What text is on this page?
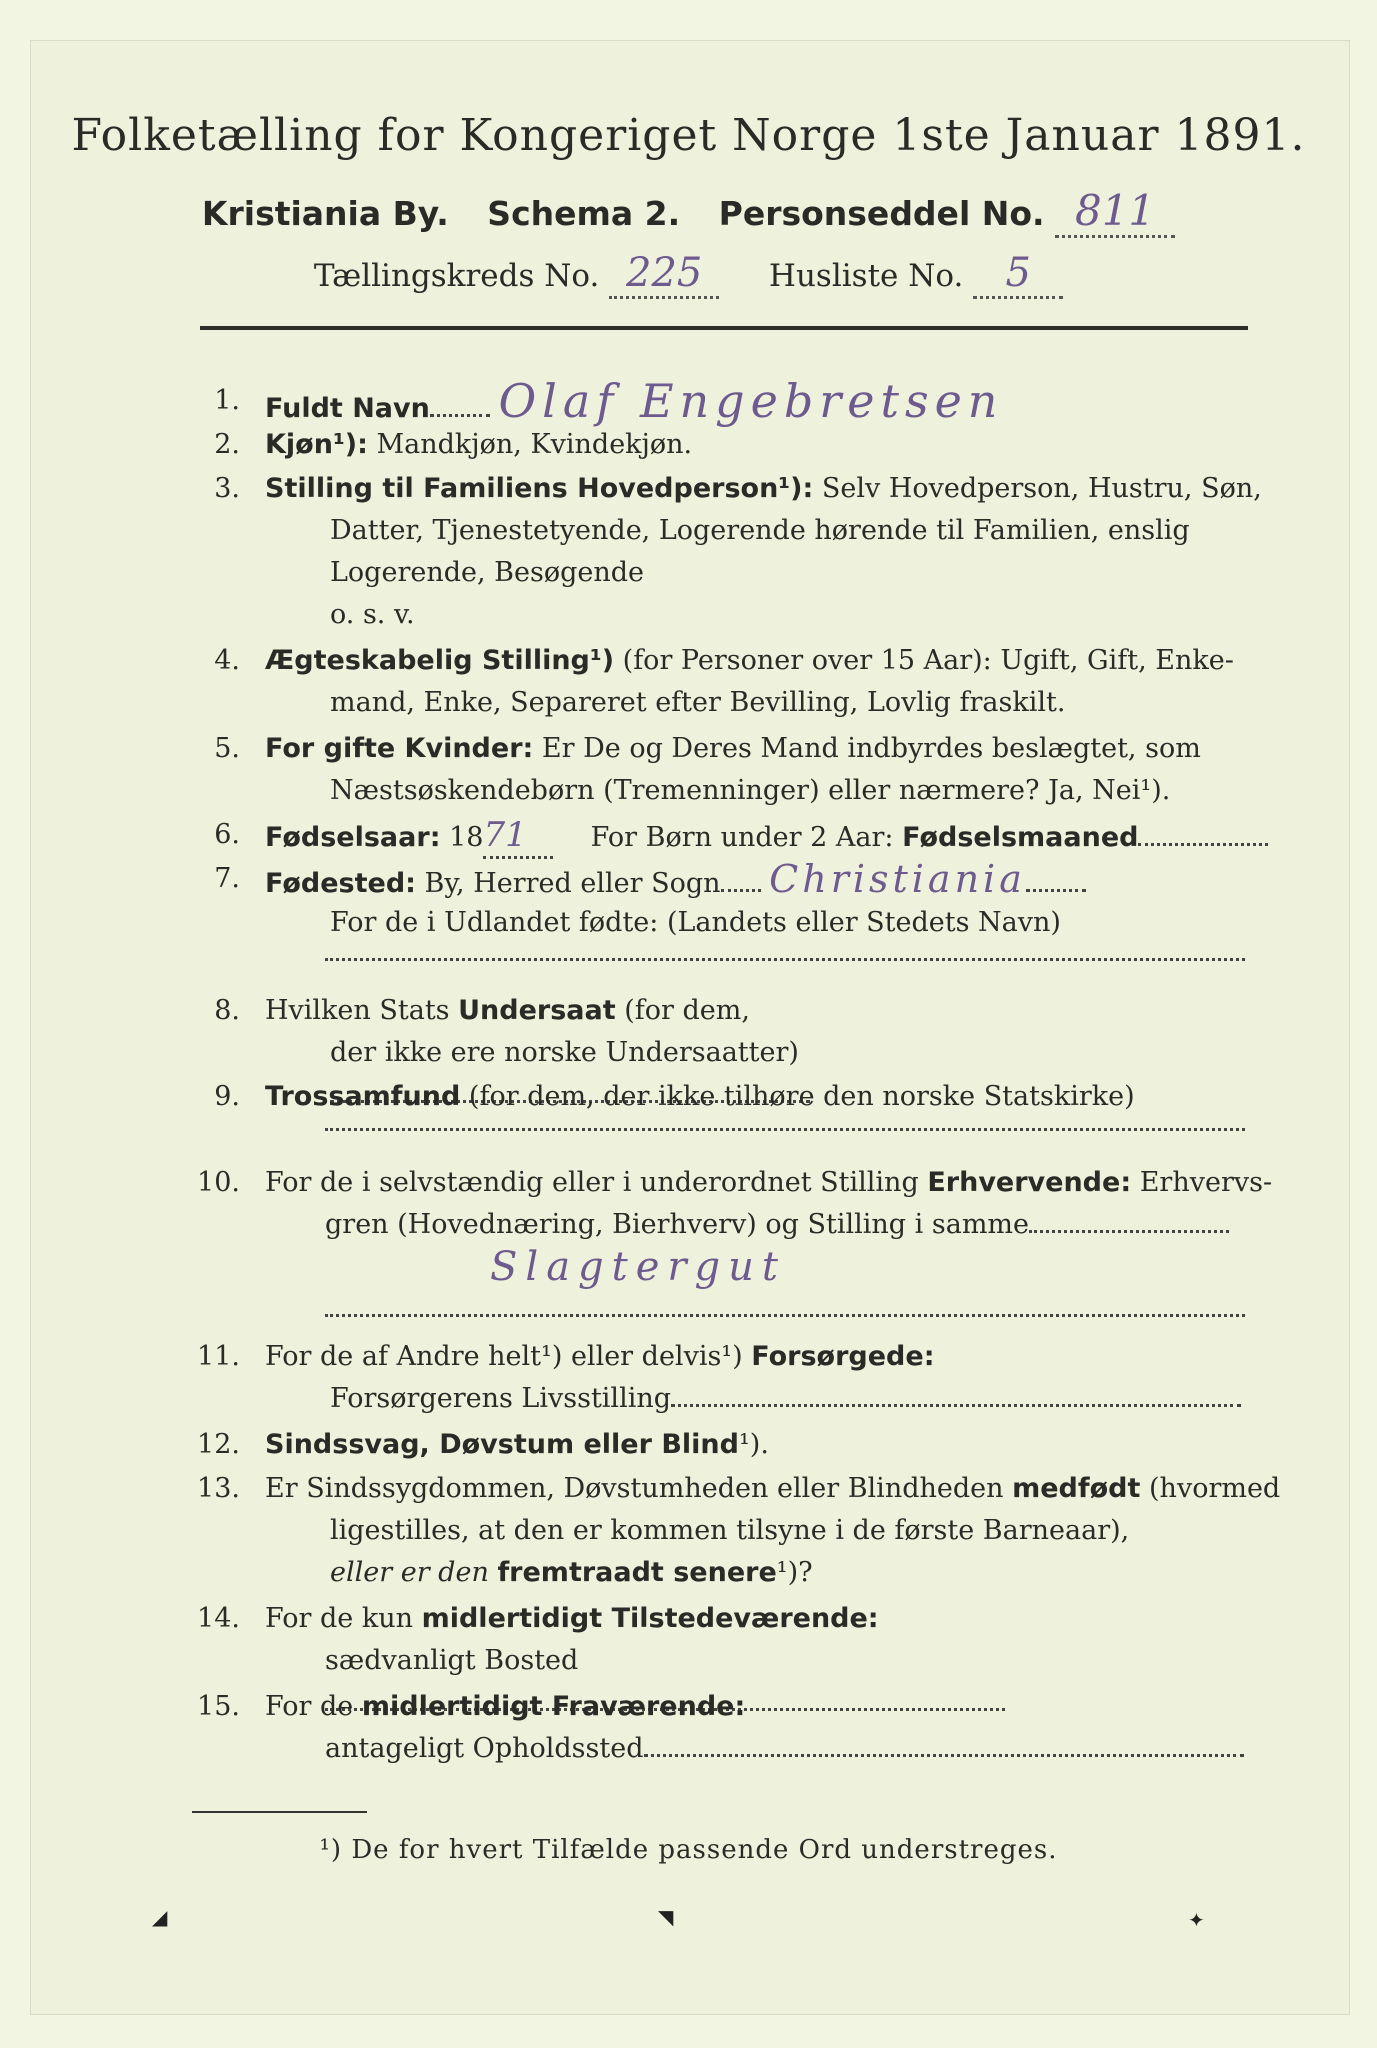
Folketælling for Kongeriget Norge 1ste Januar 1891.
Kristiania By. Schema 2. Personseddel No. 811
Tællingskreds No. 225 Husliste No. 5
1. Fuldt Navn Olaf Engebretsen
2. Kjøn¹): Mandkjøn, Kvindekjøn.
3. Stilling til Familiens Hovedperson¹): Selv Hovedperson, Hustru, Søn,
Datter, Tjenestetyende, Logerende hørende til Familien, enslig
Logerende, Besøgende
o. s. v.
4. Ægteskabelig Stilling¹) (for Personer over 15 Aar): Ugift, Gift, Enke-
mand, Enke, Separeret efter Bevilling, Lovlig fraskilt.
5. For gifte Kvinder: Er De og Deres Mand indbyrdes beslægtet, som
Næstsøskendebørn (Tremenninger) eller nærmere? Ja, Nei¹).
6. Fødselsaar: 1871 For Børn under 2 Aar: Fødselsmaaned
7. Fødested: By, Herred eller Sogn Christiania
For de i Udlandet fødte: (Landets eller Stedets Navn)
8. Hvilken Stats Undersaat (for dem,
der ikke ere norske Undersaatter)
9. Trossamfund (for dem, der ikke tilhøre den norske Statskirke)
10. For de i selvstændig eller i underordnet Stilling Erhvervende: Erhvervs-
gren (Hovednæring, Bierhverv) og Stilling i samme
Slagtergut
11. For de af Andre helt¹) eller delvis¹) Forsørgede:
Forsørgerens Livsstilling
12. Sindssvag, Døvstum eller Blind¹).
13. Er Sindssygdommen, Døvstumheden eller Blindheden medfødt (hvormed
ligestilles, at den er kommen tilsyne i de første Barneaar),
eller er den fremtraadt senere¹)?
14. For de kun midlertidigt Tilstedeværende:
sædvanligt Bosted
15. For de midlertidigt Fraværende:
antageligt Opholdssted
¹) De for hvert Tilfælde passende Ord understreges.
◢	◥	✦
